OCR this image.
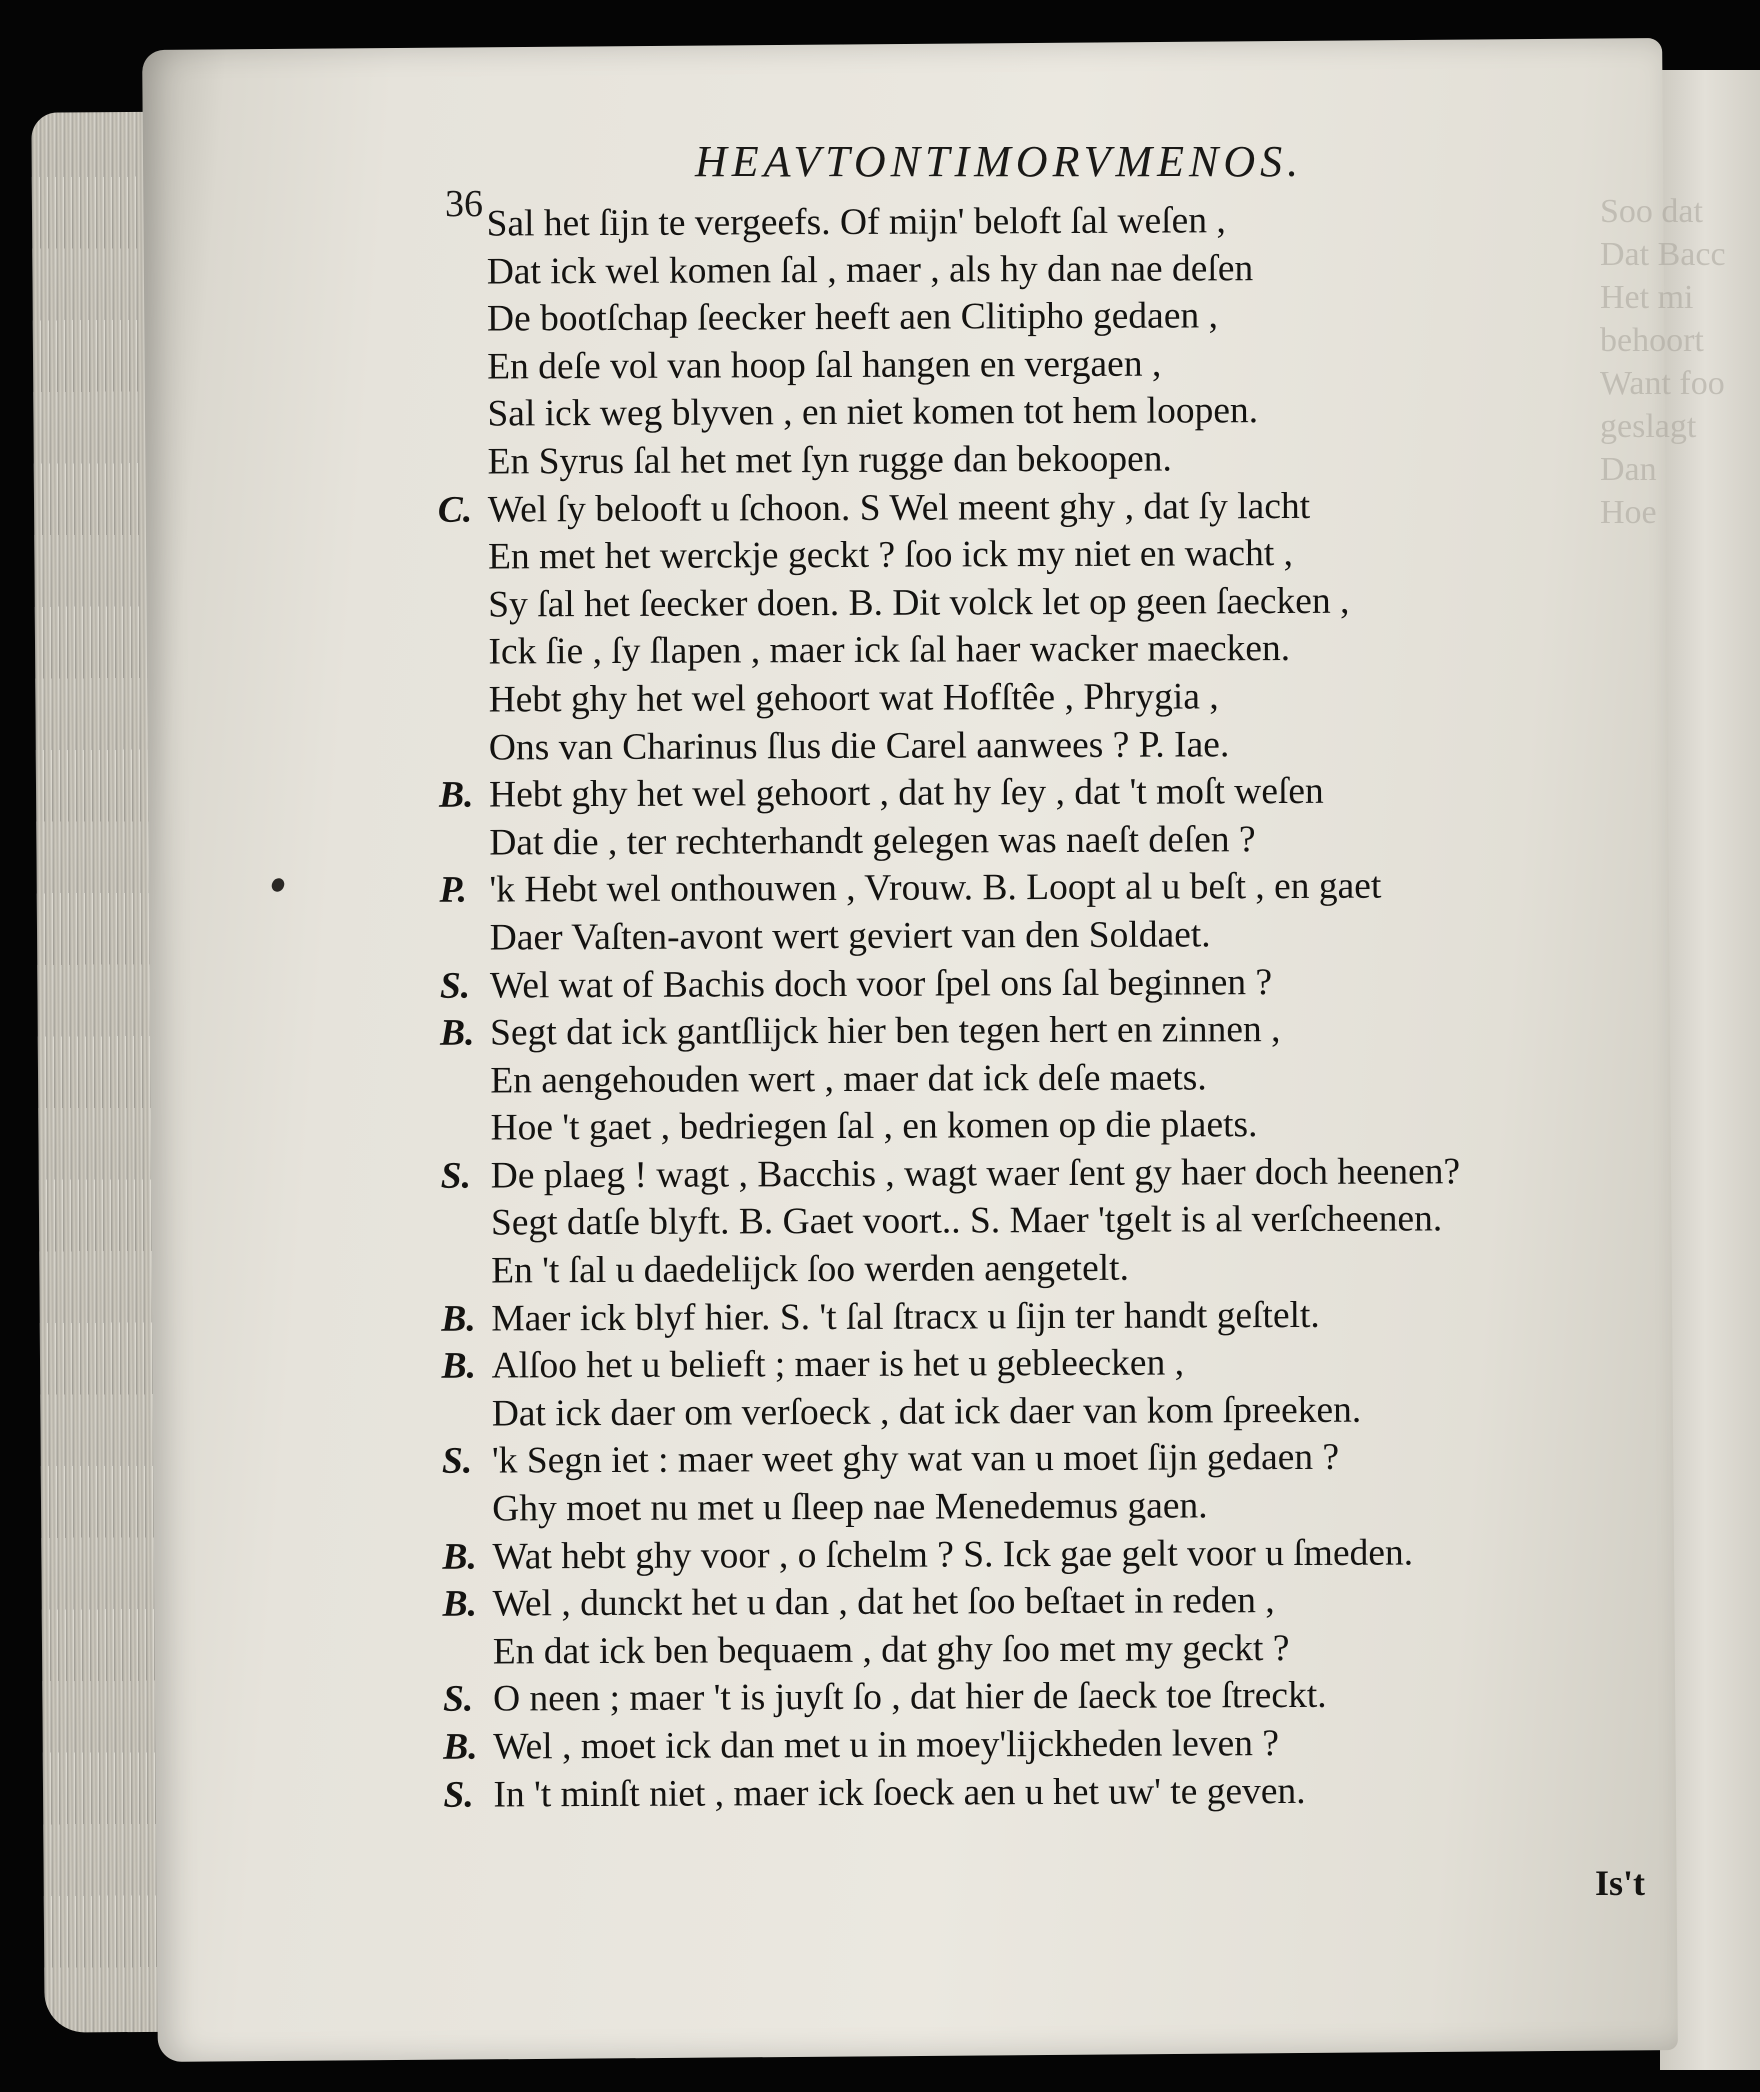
Soo dat
Dat Bacc
Het mi
behoort
Want foo
geslagt
Dan
Hoe
36
HEAVTONTIMORVMENOS.
Sal het ſijn te vergeefs. Of mijn' beloft ſal weſen ,
Dat ick wel komen ſal , maer , als hy dan nae deſen
De bootſchap ſeecker heeft aen Clitipho gedaen ,
En deſe vol van hoop ſal hangen en vergaen ,
Sal ick weg blyven , en niet komen tot hem loopen.
En Syrus ſal het met ſyn rugge dan bekoopen.
C. Wel ſy belooft u ſchoon. S Wel meent ghy , dat ſy lacht
En met het werckje geckt ? ſoo ick my niet en wacht ,
Sy ſal het ſeecker doen. B. Dit volck let op geen ſaecken ,
Ick ſie , ſy ſlapen , maer ick ſal haer wacker maecken.
Hebt ghy het wel gehoort wat Hofſtêe , Phrygia ,
Ons van Charinus ſlus die Carel aanwees ? P. Iae.
B. Hebt ghy het wel gehoort , dat hy ſey , dat 't moſt weſen
Dat die , ter rechterhandt gelegen was naeſt deſen ?
P. 'k Hebt wel onthouwen , Vrouw. B. Loopt al u beſt , en gaet
Daer Vaſten-avont wert geviert van den Soldaet.
S. Wel wat of Bachis doch voor ſpel ons ſal beginnen ?
B. Segt dat ick gantſlijck hier ben tegen hert en zinnen ,
En aengehouden wert , maer dat ick deſe maets.
Hoe 't gaet , bedriegen ſal , en komen op die plaets.
S. De plaeg ! wagt , Bacchis , wagt waer ſent gy haer doch heenen?
Segt datſe blyft. B. Gaet voort.. S. Maer 'tgelt is al verſcheenen.
En 't ſal u daedelijck ſoo werden aengetelt.
B. Maer ick blyf hier. S. 't ſal ſtracx u ſijn ter handt geſtelt.
B. Alſoo het u belieft ; maer is het u gebleecken ,
Dat ick daer om verſoeck , dat ick daer van kom ſpreeken.
S. 'k Segn iet : maer weet ghy wat van u moet ſijn gedaen ?
Ghy moet nu met u ſleep nae Menedemus gaen.
B. Wat hebt ghy voor , o ſchelm ? S. Ick gae gelt voor u ſmeden.
B. Wel , dunckt het u dan , dat het ſoo beſtaet in reden ,
En dat ick ben bequaem , dat ghy ſoo met my geckt ?
S. O neen ; maer 't is juyſt ſo , dat hier de ſaeck toe ſtreckt.
B. Wel , moet ick dan met u in moey'lijckheden leven ?
S. In 't minſt niet , maer ick ſoeck aen u het uw' te geven.
Is't
